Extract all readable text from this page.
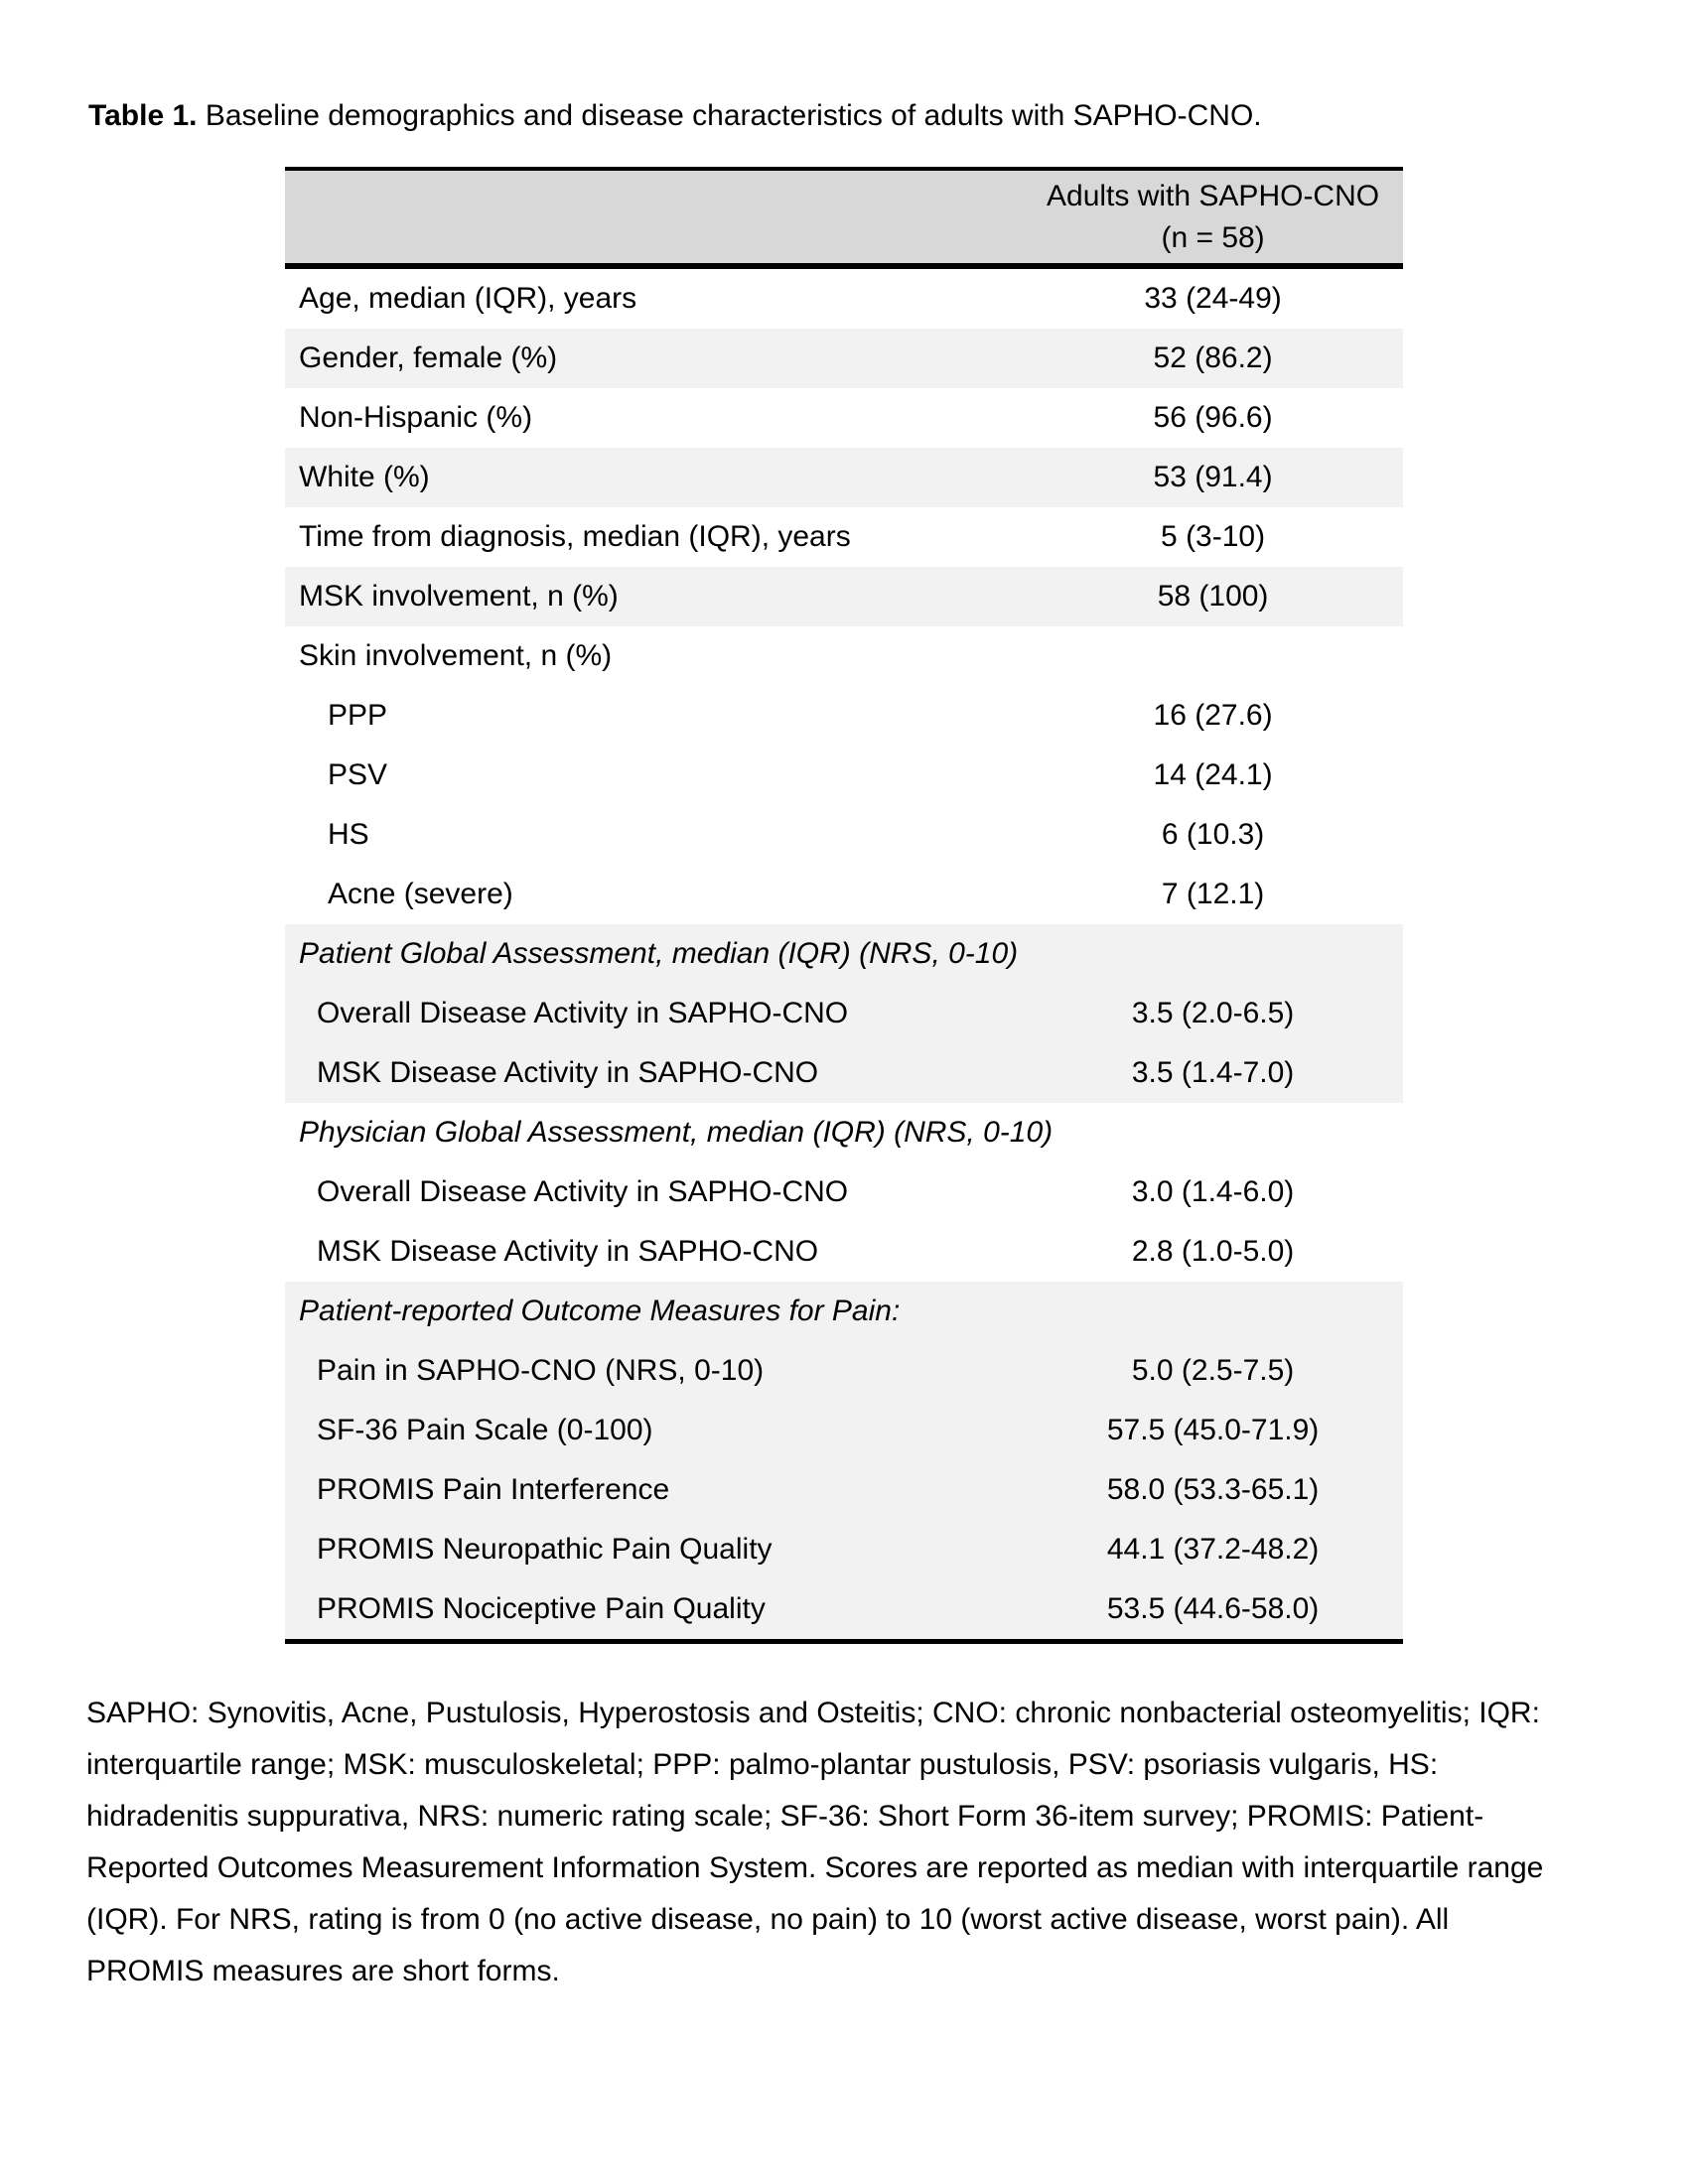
Table 1. Baseline demographics and disease characteristics of adults with SAPHO-CNO.

Adults with SAPHO-CNO
(n = 58)
Age, median (IQR), years	33 (24-49)
Gender, female (%)	52 (86.2)
Non-Hispanic (%)	56 (96.6)
White (%)	53 (91.4)
Time from diagnosis, median (IQR), years	5 (3-10)
MSK involvement, n (%)	58 (100)
Skin involvement, n (%)
PPP	16 (27.6)
PSV	14 (24.1)
HS	6 (10.3)
Acne (severe)	7 (12.1)
Patient Global Assessment, median (IQR) (NRS, 0-10)
Overall Disease Activity in SAPHO-CNO	3.5 (2.0-6.5)
MSK Disease Activity in SAPHO-CNO	3.5 (1.4-7.0)
Physician Global Assessment, median (IQR) (NRS, 0-10)
Overall Disease Activity in SAPHO-CNO	3.0 (1.4-6.0)
MSK Disease Activity in SAPHO-CNO	2.8 (1.0-5.0)
Patient-reported Outcome Measures for Pain:
Pain in SAPHO-CNO (NRS, 0-10)	5.0 (2.5-7.5)
SF-36 Pain Scale (0-100)	57.5 (45.0-71.9)
PROMIS Pain Interference	58.0 (53.3-65.1)
PROMIS Neuropathic Pain Quality	44.1 (37.2-48.2)
PROMIS Nociceptive Pain Quality	53.5 (44.6-58.0)
SAPHO: Synovitis, Acne, Pustulosis, Hyperostosis and Osteitis; CNO: chronic nonbacterial osteomyelitis; IQR:
interquartile range; MSK: musculoskeletal; PPP: palmo-plantar pustulosis, PSV: psoriasis vulgaris, HS:
hidradenitis suppurativa, NRS: numeric rating scale; SF-36: Short Form 36-item survey; PROMIS: Patient-
Reported Outcomes Measurement Information System. Scores are reported as median with interquartile range
(IQR). For NRS, rating is from 0 (no active disease, no pain) to 10 (worst active disease, worst pain). All
PROMIS measures are short forms.
